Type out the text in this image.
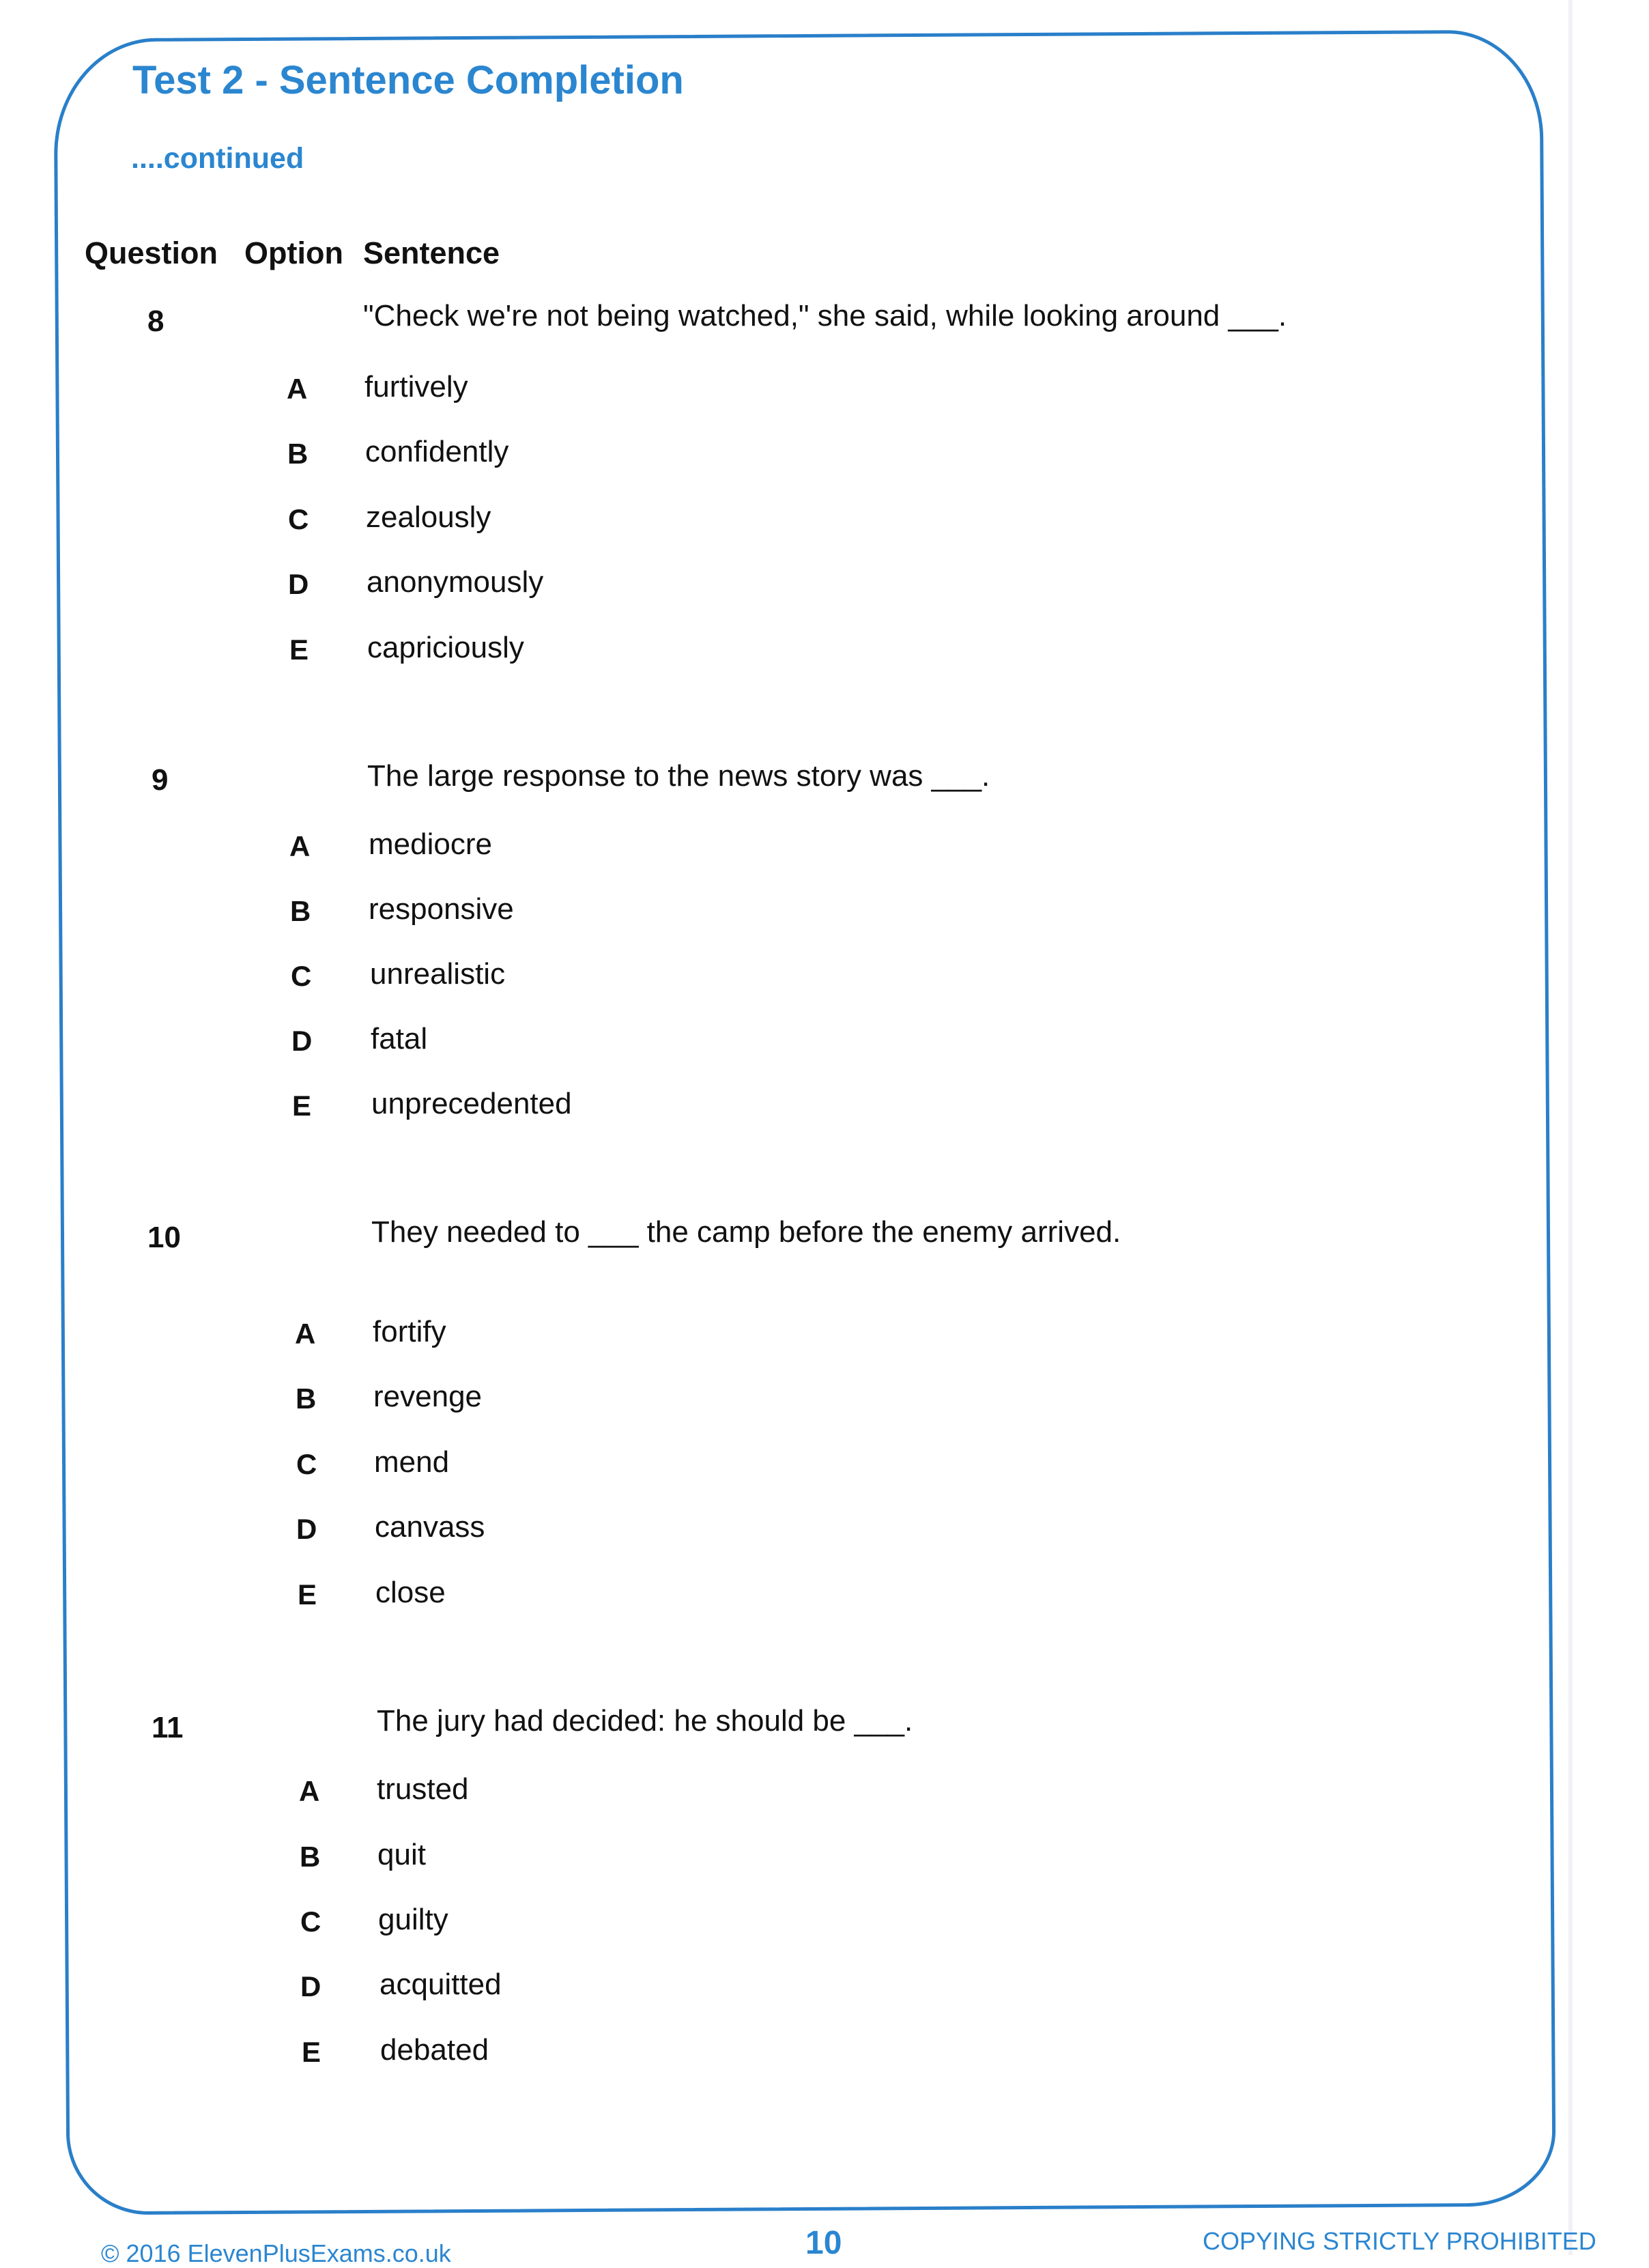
Test 2 - Sentence Completion
....continued
Question Option Sentence
8	"Check we're not being watched," she said, while looking around ___.
A furtively
B confidently
C zealously
D anonymously
E capriciously
9	The large response to the news story was ___.
A mediocre
B responsive
C unrealistic
D fatal
E unprecedented
10	They needed to ___ the camp before the enemy arrived.
A fortify
B revenge
C mend
D canvass
E close
11	The jury had decided: he should be ___.
A trusted
B quit
C guilty
D acquitted
E debated
© 2016 ElevenPlusExams.co.uk	10	COPYING STRICTLY PROHIBITED
